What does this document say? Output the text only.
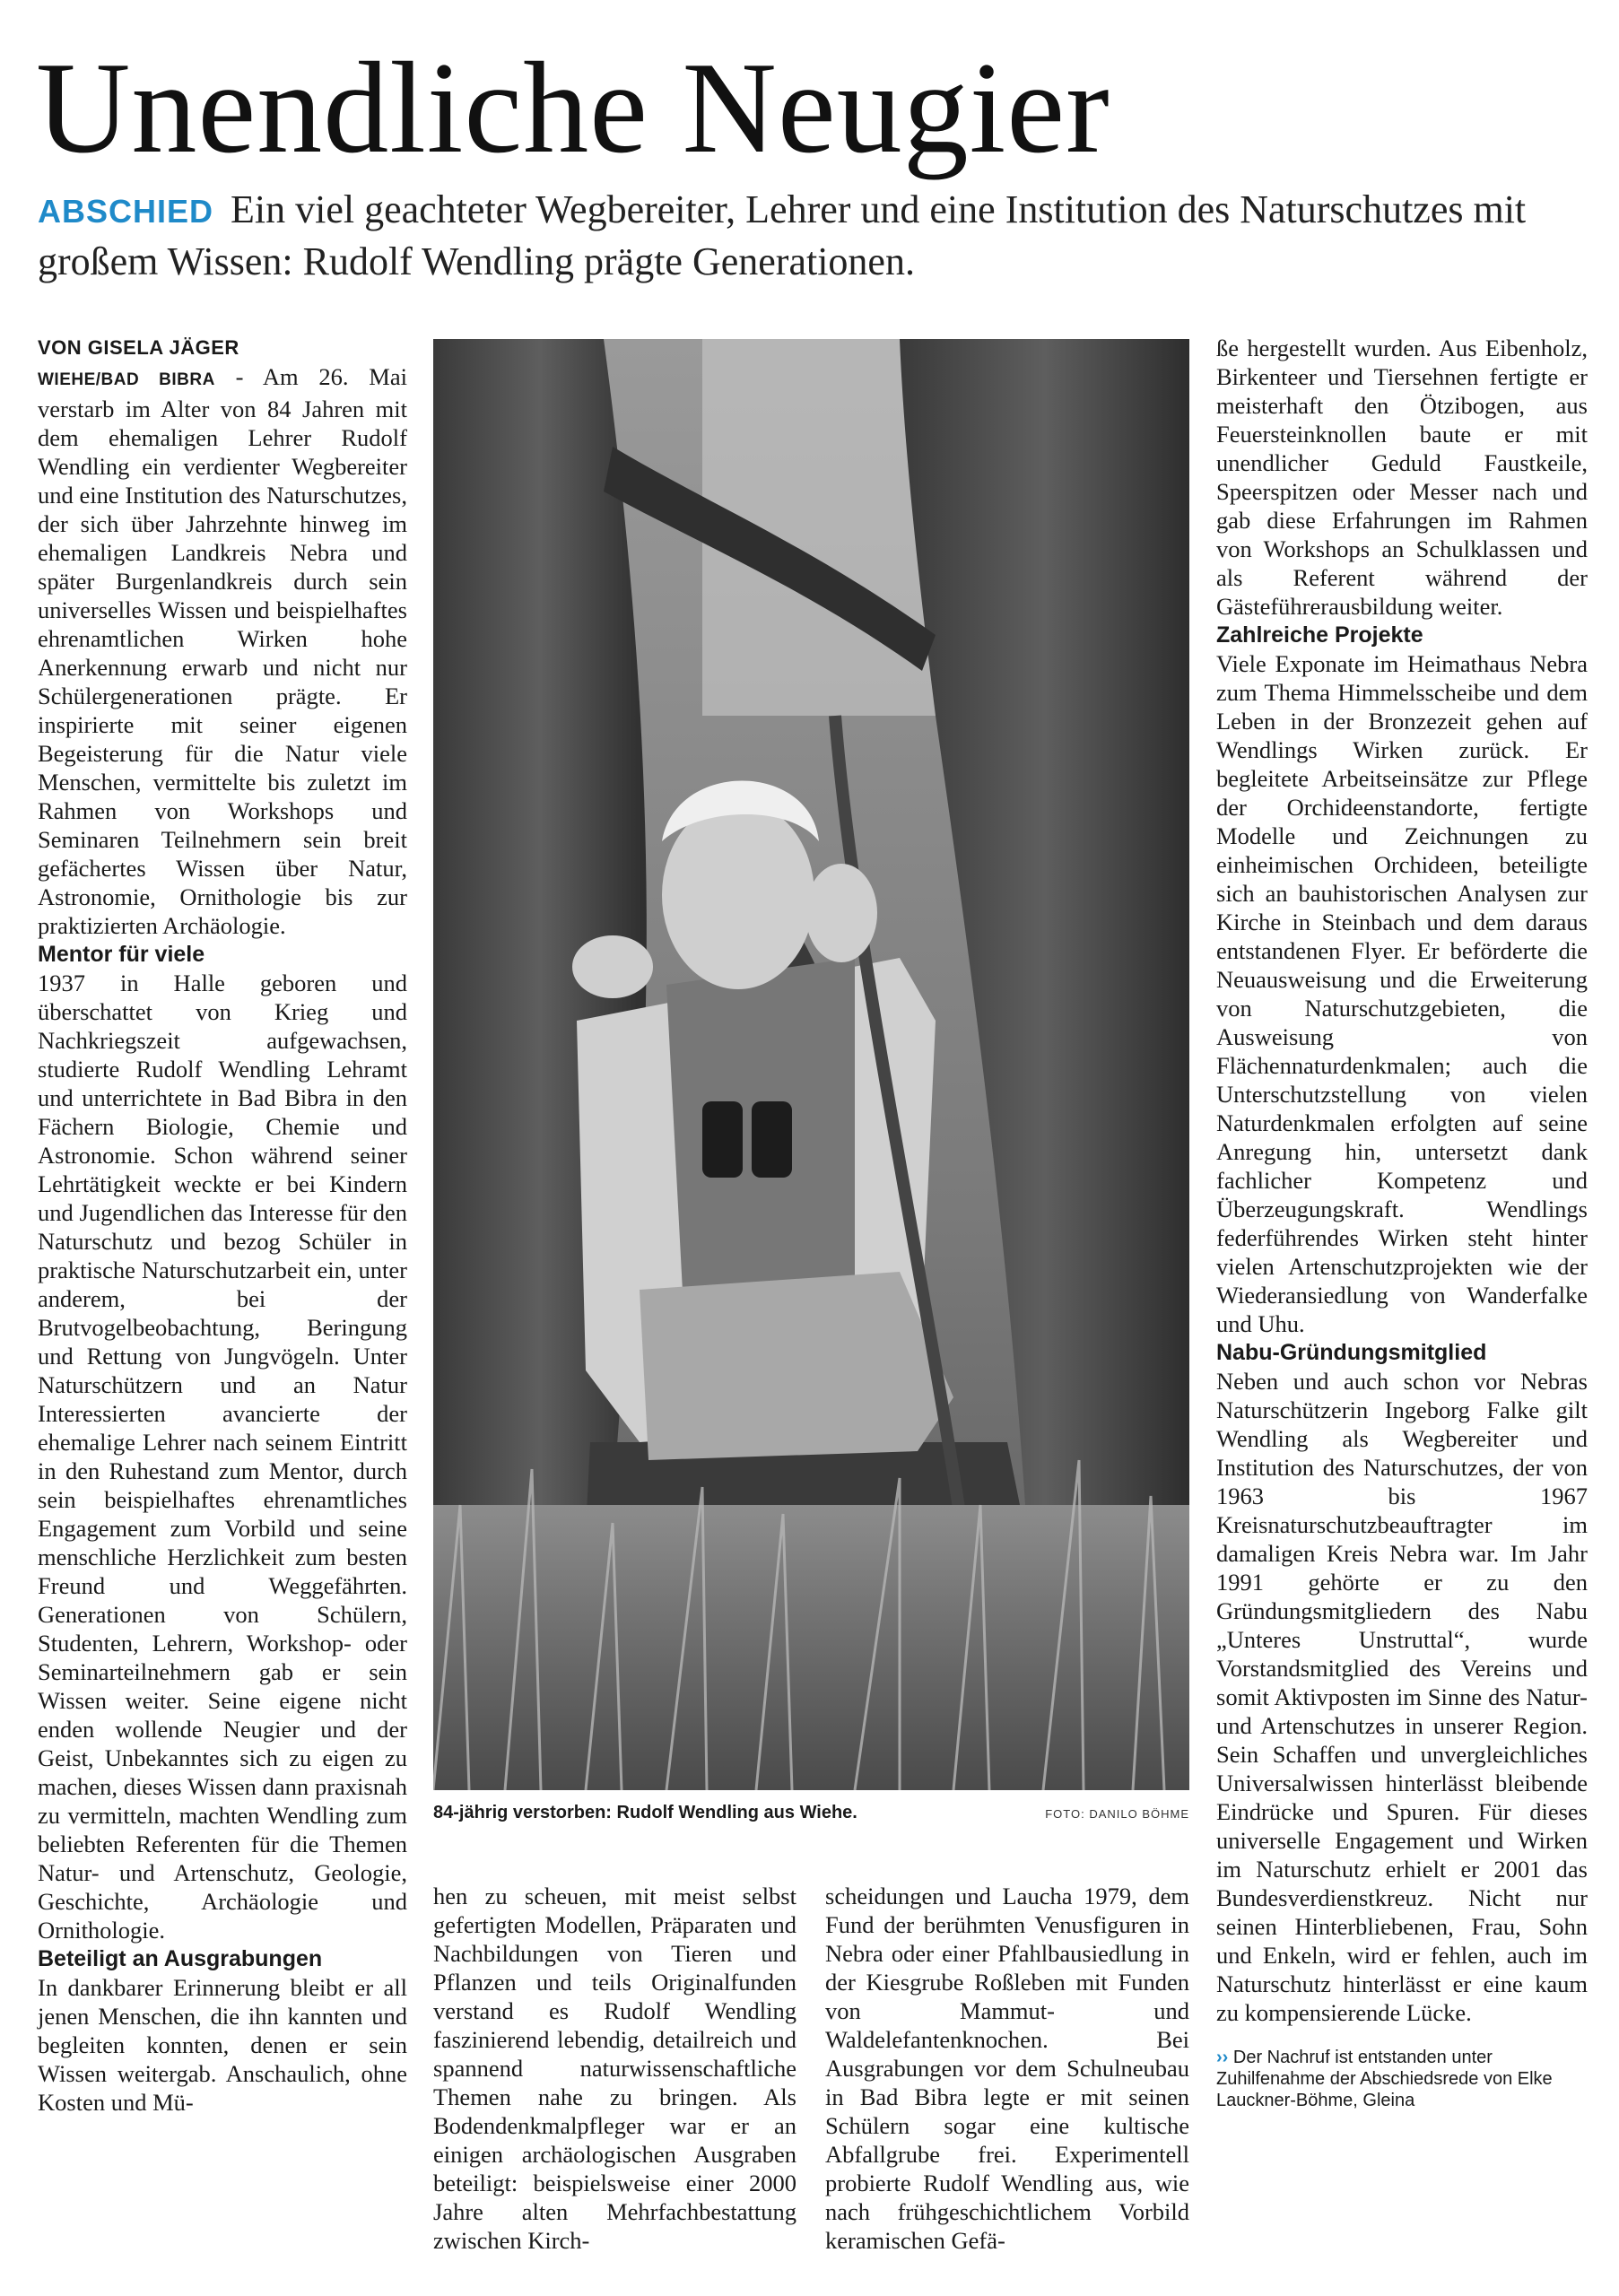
Unendliche Neugier
ABSCHIED Ein viel geachteter Wegbereiter, Lehrer und eine Institution des Naturschutzes mit großem Wissen: Rudolf Wendling prägte Generationen.

VON GISELA JÄGER

WIEHE/BAD BIBRA - Am 26. Mai verstarb im Alter von 84 Jahren mit dem ehemaligen Lehrer Rudolf Wendling ein verdienter Wegbereiter und eine Institution des Naturschutzes, der sich über Jahrzehnte hinweg im ehemaligen Landkreis Nebra und später Burgenlandkreis durch sein universelles Wissen und beispielhaftes ehrenamtlichen Wirken hohe Anerkennung erwarb und nicht nur Schülergenerationen prägte. Er inspirierte mit seiner eigenen Begeisterung für die Natur viele Menschen, vermittelte bis zuletzt im Rahmen von Workshops und Seminaren Teilnehmern sein breit gefächertes Wissen über Natur, Astronomie, Ornithologie bis zur praktizierten Archäologie.

Mentor für viele

1937 in Halle geboren und überschattet von Krieg und Nachkriegszeit aufgewachsen, studierte Rudolf Wendling Lehramt und unterrichtete in Bad Bibra in den Fächern Biologie, Chemie und Astronomie. Schon während seiner Lehrtätigkeit weckte er bei Kindern und Jugendlichen das Interesse für den Naturschutz und bezog Schüler in praktische Naturschutzarbeit ein, unter anderem, bei der Brutvogelbeobachtung, Beringung und Rettung von Jungvögeln. Unter Naturschützern und an Natur Interessierten avancierte der ehemalige Lehrer nach seinem Eintritt in den Ruhestand zum Mentor, durch sein beispielhaftes ehrenamtliches Engagement zum Vorbild und seine menschliche Herzlichkeit zum besten Freund und Weggefährten. Generationen von Schülern, Studenten, Lehrern, Workshop- oder Seminarteilnehmern gab er sein Wissen weiter. Seine eigene nicht enden wollende Neugier und der Geist, Unbekanntes sich zu eigen zu machen, dieses Wissen dann praxisnah zu vermitteln, machten Wendling zum beliebten Referenten für die Themen Natur- und Artenschutz, Geologie, Geschichte, Archäologie und Ornithologie.

Beteiligt an Ausgrabungen

In dankbarer Erinnerung bleibt er all jenen Menschen, die ihn kannten und begleiten konnten, denen er sein Wissen weitergab. Anschaulich, ohne Kosten und Mü-

84-jährig verstorben: Rudolf Wendling aus Wiehe.	FOTO: DANILO BÖHME

hen zu scheuen, mit meist selbst gefertigten Modellen, Präparaten und Nachbildungen von Tieren und Pflanzen und teils Originalfunden verstand es Rudolf Wendling faszinierend lebendig, detailreich und spannend naturwissenschaftliche Themen nahe zu bringen. Als Bodendenkmalpfleger war er an einigen archäologischen Ausgraben beteiligt: beispielsweise einer 2000 Jahre alten Mehrfachbestattung zwischen Kirch-

scheidungen und Laucha 1979, dem Fund der berühmten Venusfiguren in Nebra oder einer Pfahlbausiedlung in der Kiesgrube Roßleben mit Funden von Mammut- und Waldelefantenknochen. Bei Ausgrabungen vor dem Schulneubau in Bad Bibra legte er mit seinen Schülern sogar eine kultische Abfallgrube frei. Experimentell probierte Rudolf Wendling aus, wie nach frühgeschichtlichem Vorbild keramischen Gefä-

ße hergestellt wurden. Aus Eibenholz, Birkenteer und Tiersehnen fertigte er meisterhaft den Ötzibogen, aus Feuersteinknollen baute er mit unendlicher Geduld Faustkeile, Speerspitzen oder Messer nach und gab diese Erfahrungen im Rahmen von Workshops an Schulklassen und als Referent während der Gästeführerausbildung weiter.

Zahlreiche Projekte

Viele Exponate im Heimathaus Nebra zum Thema Himmelsscheibe und dem Leben in der Bronzezeit gehen auf Wendlings Wirken zurück. Er begleitete Arbeitseinsätze zur Pflege der Orchideenstandorte, fertigte Modelle und Zeichnungen zu einheimischen Orchideen, beteiligte sich an bauhistorischen Analysen zur Kirche in Steinbach und dem daraus entstandenen Flyer. Er beförderte die Neuausweisung und die Erweiterung von Naturschutzgebieten, die Ausweisung von Flächennaturdenkmalen; auch die Unterschutzstellung von vielen Naturdenkmalen erfolgten auf seine Anregung hin, untersetzt dank fachlicher Kompetenz und Überzeugungskraft. Wendlings federführendes Wirken steht hinter vielen Artenschutzprojekten wie der Wiederansiedlung von Wanderfalke und Uhu.

Nabu-Gründungsmitglied

Neben und auch schon vor Nebras Naturschützerin Ingeborg Falke gilt Wendling als Wegbereiter und Institution des Naturschutzes, der von 1963 bis 1967 Kreisnaturschutzbeauftragter im damaligen Kreis Nebra war. Im Jahr 1991 gehörte er zu den Gründungsmitgliedern des Nabu „Unteres Unstruttal“, wurde Vorstandsmitglied des Vereins und somit Aktivposten im Sinne des Natur- und Artenschutzes in unserer Region. Sein Schaffen und unvergleichliches Universalwissen hinterlässt bleibende Eindrücke und Spuren. Für dieses universelle Engagement und Wirken im Naturschutz erhielt er 2001 das Bundesverdienstkreuz. Nicht nur seinen Hinterbliebenen, Frau, Sohn und Enkeln, wird er fehlen, auch im Naturschutz hinterlässt er eine kaum zu kompensierende Lücke.

›› Der Nachruf ist entstanden unter Zuhilfenahme der Abschiedsrede von Elke Lauckner-Böhme, Gleina
